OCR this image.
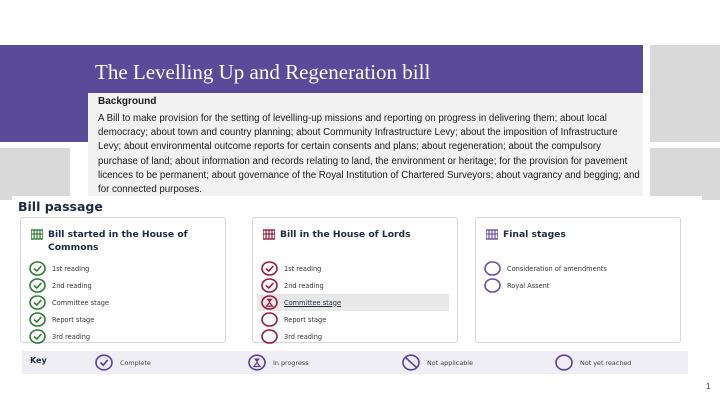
The Levelling Up and Regeneration bill
Background
A Bill to make provision for the setting of levelling-up missions and reporting on progress in delivering them; about local democracy; about town and country planning; about Community Infrastructure Levy; about the imposition of Infrastructure Levy; about environmental outcome reports for certain consents and plans; about regeneration; about the compulsory purchase of land; about information and records relating to land, the environment or heritage; for the provision for pavement licences to be permanent; about governance of the Royal Institution of Chartered Surveyors; about vagrancy and begging; and for connected purposes.
Bill passage
Bill started in the House of Commons
1st reading
2nd reading
Committee stage
Report stage
3rd reading
Bill in the House of Lords
1st reading
2nd reading
Committee stage
Report stage
3rd reading
Final stages
Consideration of amendments
Royal Assent
Key	Complete	In progress	Not applicable	Not yet reached
1
